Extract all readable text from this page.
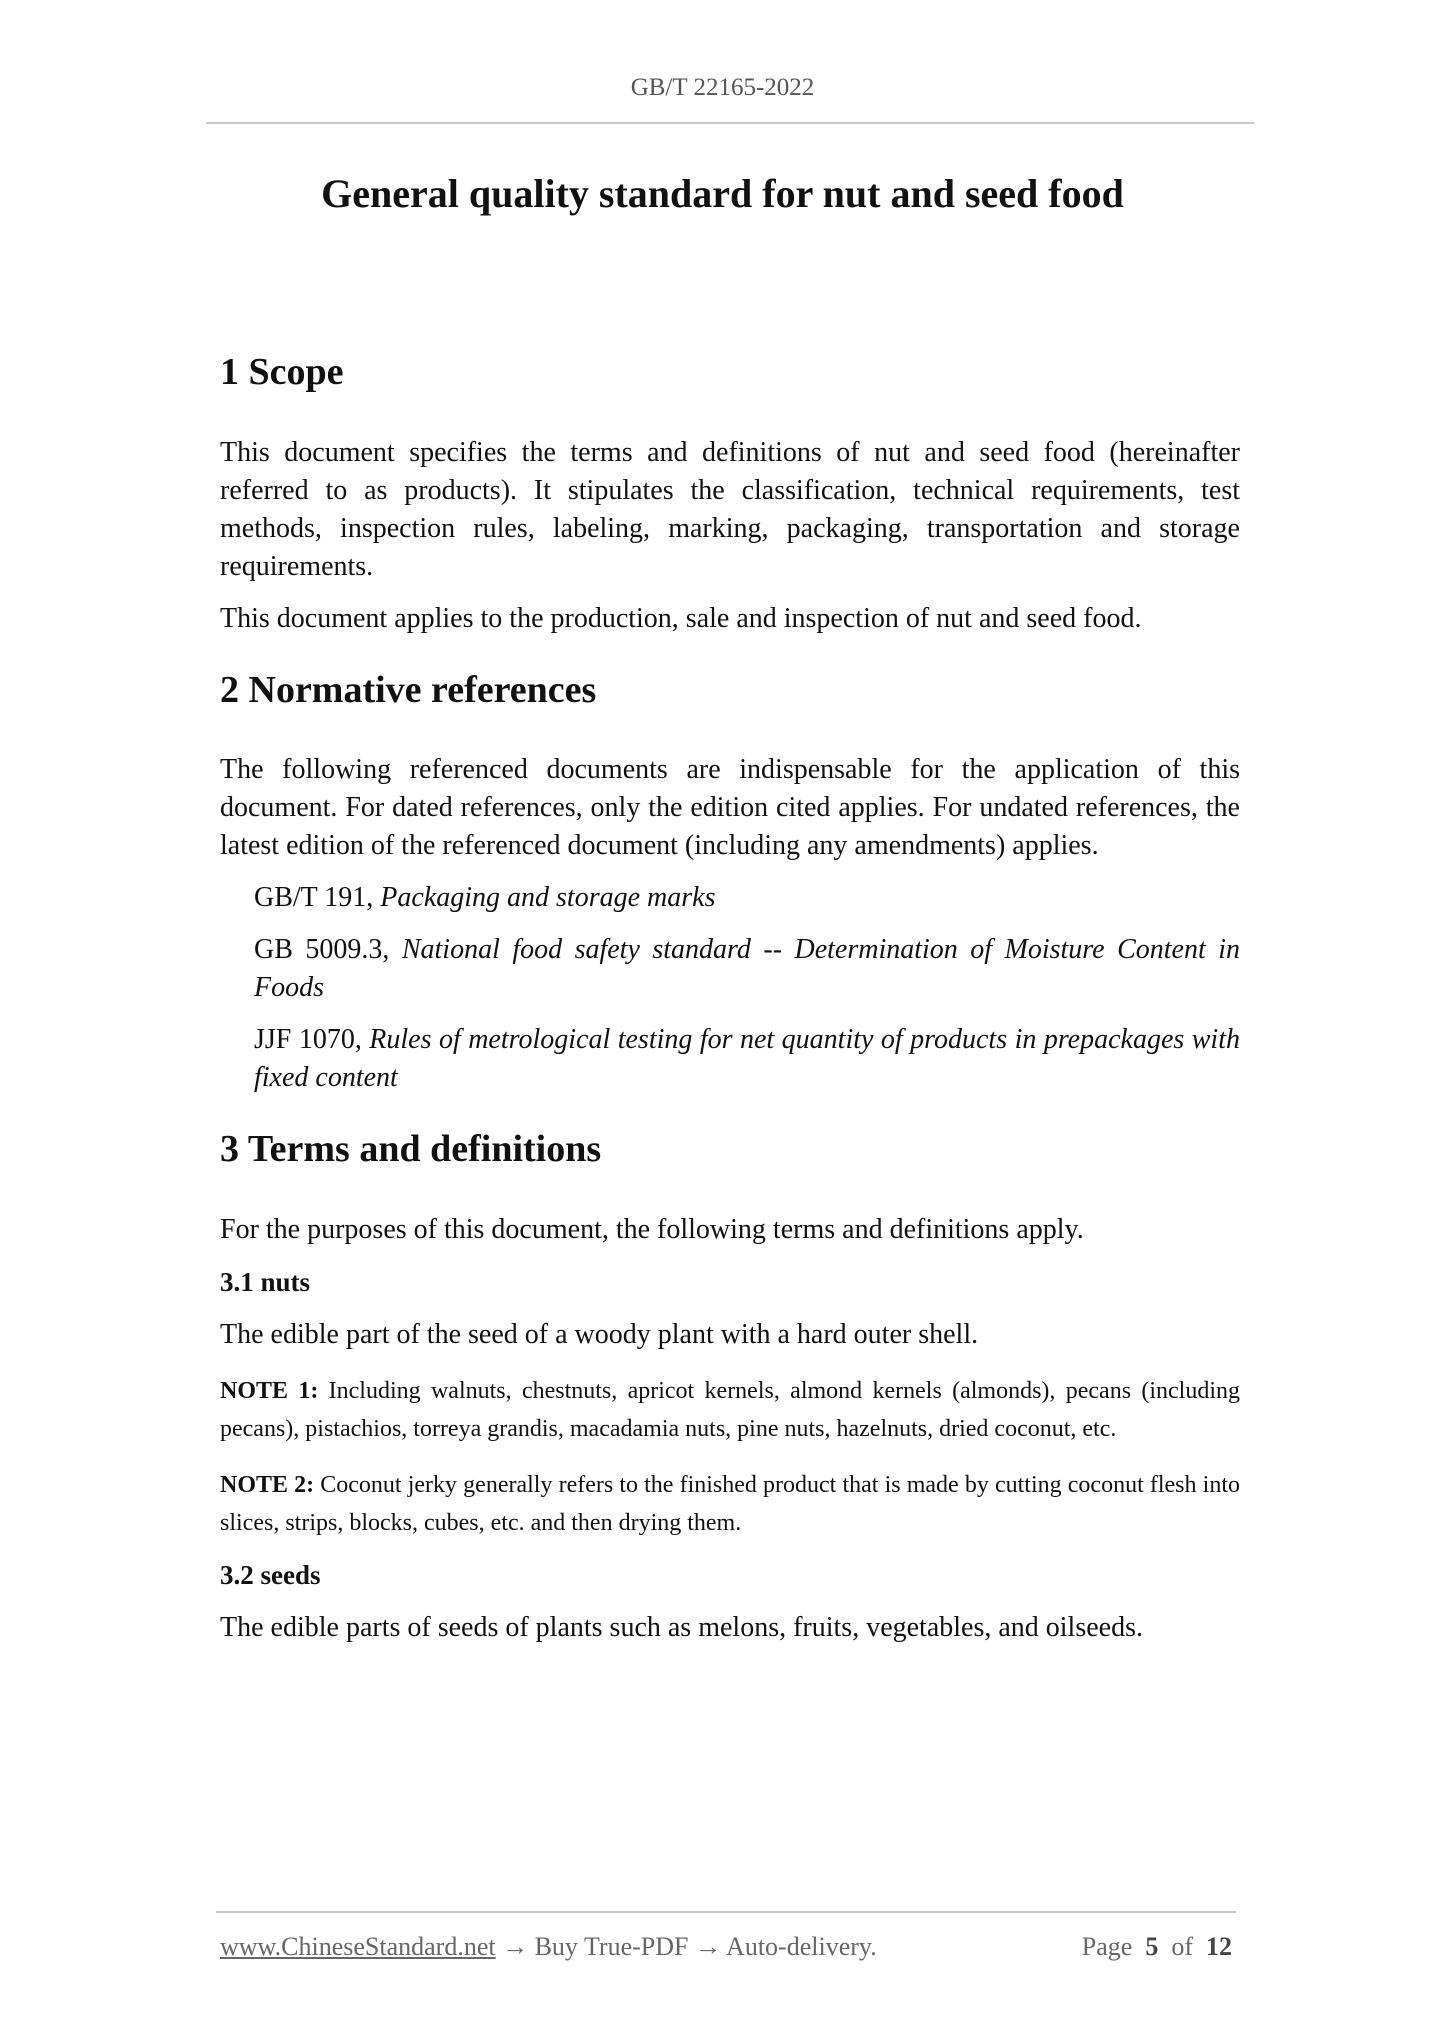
GB/T 22165-2022
General quality standard for nut and seed food
1 Scope

This document specifies the terms and definitions of nut and seed food (hereinafter referred to as products). It stipulates the classification, technical requirements, test methods, inspection rules, labeling, marking, packaging, transportation and storage requirements.

This document applies to the production, sale and inspection of nut and seed food.

2 Normative references

The following referenced documents are indispensable for the application of this document. For dated references, only the edition cited applies. For undated references, the latest edition of the referenced document (including any amendments) applies.

GB/T 191, Packaging and storage marks

GB 5009.3, National food safety standard -- Determination of Moisture Content in Foods

JJF 1070, Rules of metrological testing for net quantity of products in prepackages with fixed content

3 Terms and definitions

For the purposes of this document, the following terms and definitions apply.

3.1 nuts

The edible part of the seed of a woody plant with a hard outer shell.

NOTE 1: Including walnuts, chestnuts, apricot kernels, almond kernels (almonds), pecans (including pecans), pistachios, torreya grandis, macadamia nuts, pine nuts, hazelnuts, dried coconut, etc.

NOTE 2: Coconut jerky generally refers to the finished product that is made by cutting coconut flesh into slices, strips, blocks, cubes, etc. and then drying them.

3.2 seeds

The edible parts of seeds of plants such as melons, fruits, vegetables, and oilseeds.

www.ChineseStandard.net → Buy True-PDF → Auto-delivery.	Page 5 of 12
